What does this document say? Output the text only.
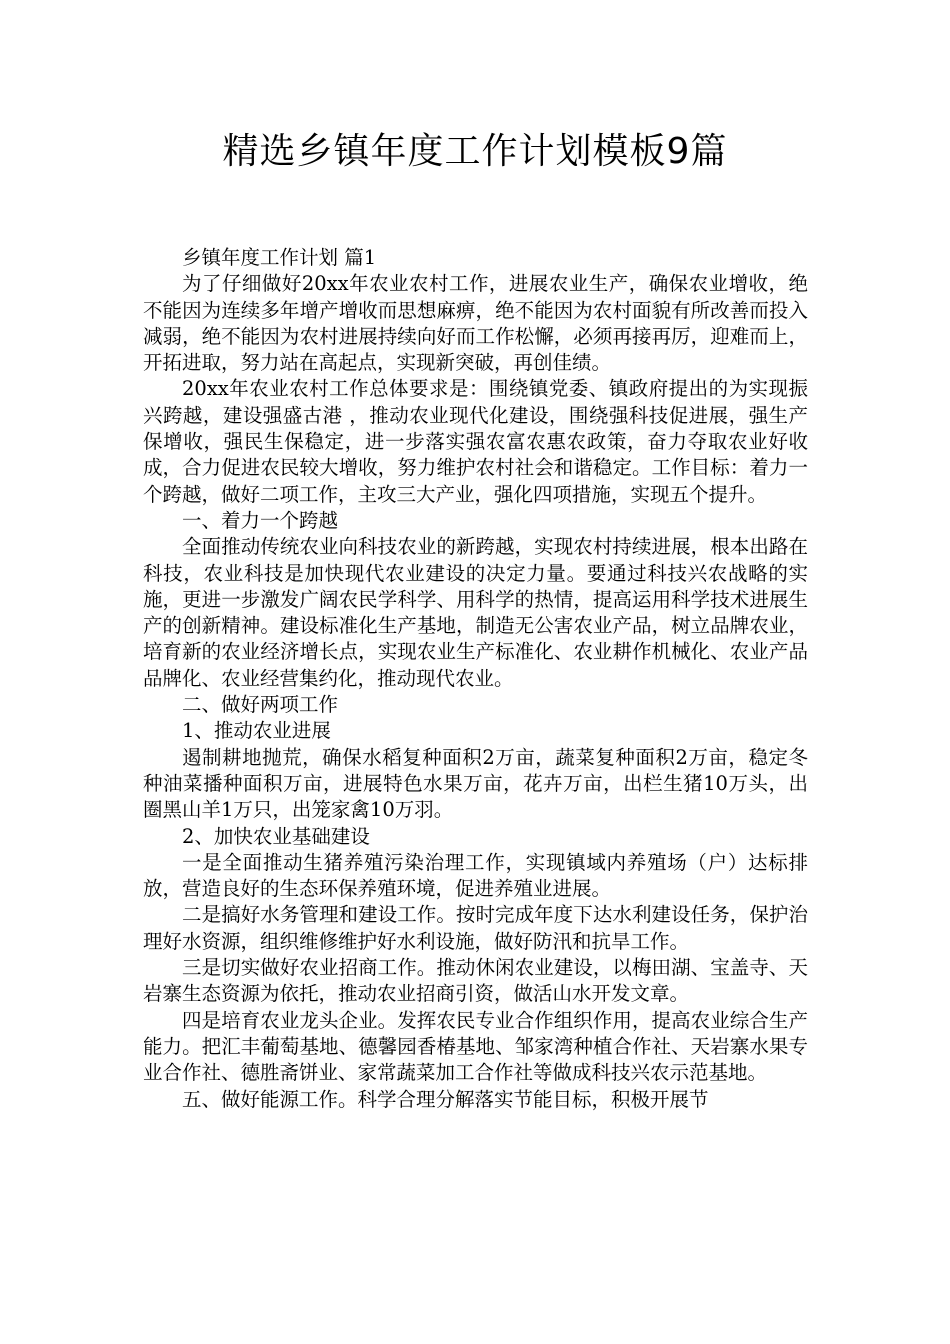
精选乡镇年度工作计划模板9篇

乡镇年度工作计划 篇1

为了仔细做好20xx年农业农村工作，进展农业生产，确保农业增收，绝不能因为连续多年增产增收而思想麻痹，绝不能因为农村面貌有所改善而投入减弱，绝不能因为农村进展持续向好而工作松懈，必须再接再厉，迎难而上，开拓进取，努力站在高起点，实现新突破，再创佳绩。

20xx年农业农村工作总体要求是：围绕镇党委、镇政府提出的为实现振兴跨越，建设强盛古港 ，推动农业现代化建设，围绕强科技促进展，强生产保增收，强民生保稳定，进一步落实强农富农惠农政策，奋力夺取农业好收成，合力促进农民较大增收，努力维护农村社会和谐稳定。工作目标：着力一个跨越，做好二项工作，主攻三大产业，强化四项措施，实现五个提升。

一、着力一个跨越

全面推动传统农业向科技农业的新跨越，实现农村持续进展，根本出路在科技，农业科技是加快现代农业建设的决定力量。要通过科技兴农战略的实施，更进一步激发广阔农民学科学、用科学的热情，提高运用科学技术进展生产的创新精神。建设标准化生产基地，制造无公害农业产品，树立品牌农业，培育新的农业经济增长点，实现农业生产标准化、农业耕作机械化、农业产品品牌化、农业经营集约化，推动现代农业。

二、做好两项工作

1、推动农业进展

遏制耕地抛荒，确保水稻复种面积2万亩，蔬菜复种面积2万亩，稳定冬种油菜播种面积万亩，进展特色水果万亩，花卉万亩，出栏生猪10万头，出圈黑山羊1万只，出笼家禽10万羽。

2、加快农业基础建设

一是全面推动生猪养殖污染治理工作，实现镇域内养殖场（户）达标排放，营造良好的生态环保养殖环境，促进养殖业进展。

二是搞好水务管理和建设工作。按时完成年度下达水利建设任务，保护治理好水资源，组织维修维护好水利设施，做好防汛和抗旱工作。

三是切实做好农业招商工作。推动休闲农业建设，以梅田湖、宝盖寺、天岩寨生态资源为依托，推动农业招商引资，做活山水开发文章。

四是培育农业龙头企业。发挥农民专业合作组织作用，提高农业综合生产能力。把汇丰葡萄基地、德馨园香椿基地、邹家湾种植合作社、天岩寨水果专业合作社、德胜斋饼业、家常蔬菜加工合作社等做成科技兴农示范基地。

五、做好能源工作。科学合理分解落实节能目标，积极开展节
